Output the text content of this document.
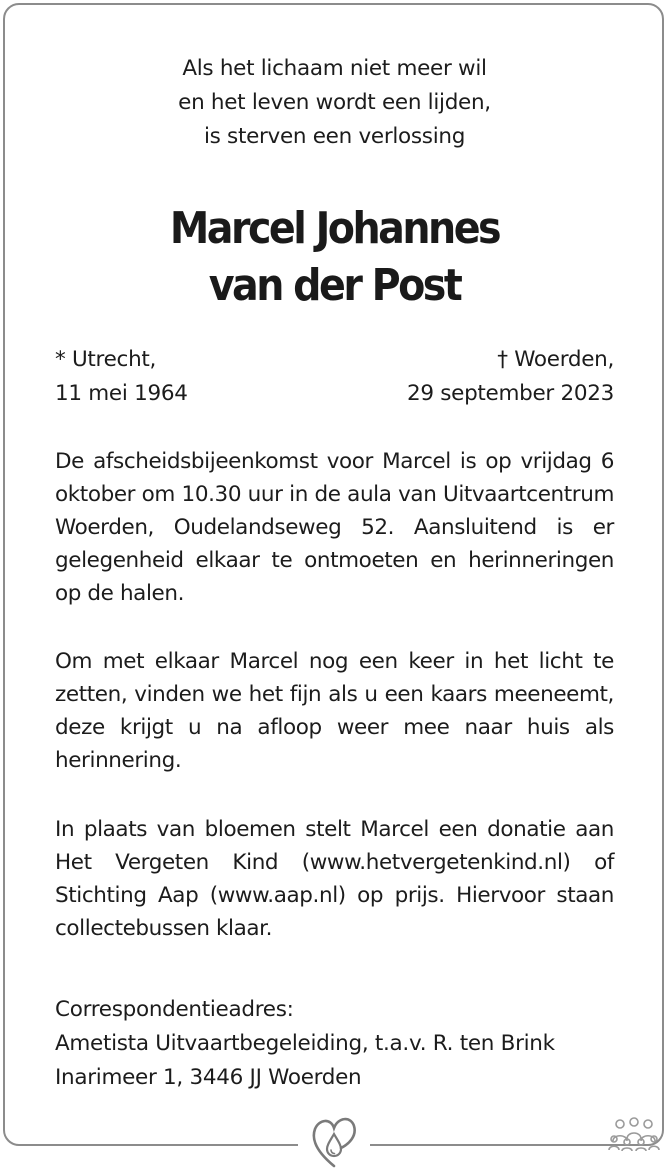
Als het lichaam niet meer wil
en het leven wordt een lijden,
is sterven een verlossing
Marcel Johannes
van der Post
* Utrecht,
11 mei 1964
† Woerden,
29 september 2023
De afscheidsbijeenkomst voor Marcel is op vrijdag 6 oktober om 10.30 uur in de aula van Uitvaartcentrum Woerden, Oudelandseweg 52. Aansluitend is er gelegenheid elkaar te ontmoeten en herinneringen op de halen.
Om met elkaar Marcel nog een keer in het licht te zetten, vinden we het fijn als u een kaars meeneemt, deze krijgt u na afloop weer mee naar huis als herinnering.
In plaats van bloemen stelt Marcel een donatie aan Het Vergeten Kind (www.hetvergetenkind.nl) of Stichting Aap (www.aap.nl) op prijs. Hiervoor staan collectebussen klaar.
Correspondentieadres:
Ametista Uitvaartbegeleiding, t.a.v. R. ten Brink
Inarimeer 1, 3446 JJ Woerden
